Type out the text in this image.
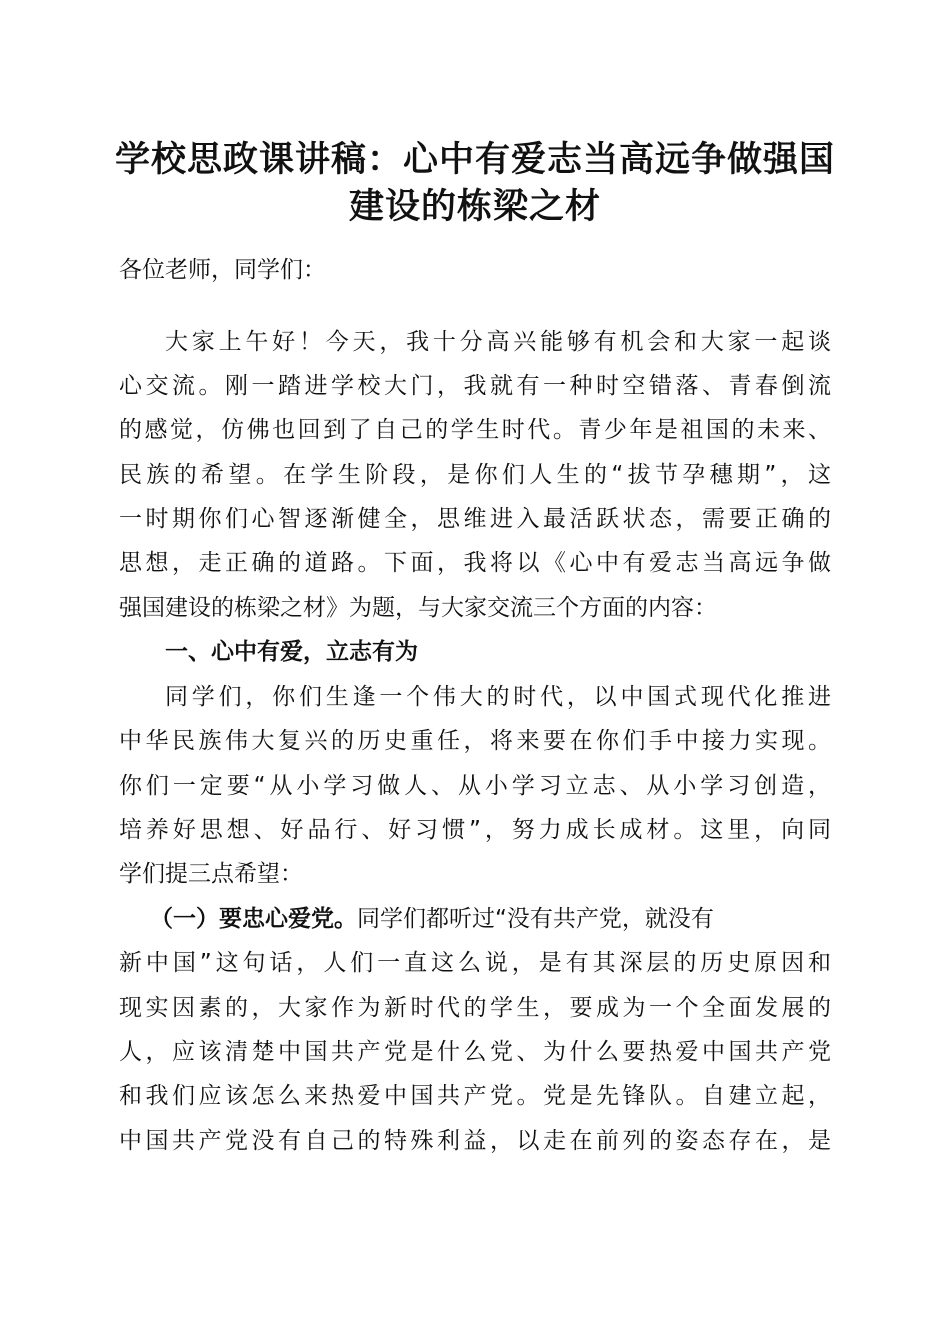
学校思政课讲稿：心中有爱志当高远争做强国
建设的栋梁之材
各位老师，同学们：
大家上午好！今天，我十分高兴能够有机会和大家一起谈
心交流。刚一踏进学校大门，我就有一种时空错落、青春倒流
的感觉，仿佛也回到了自己的学生时代。青少年是祖国的未来、
民族的希望。在学生阶段，是你们人生的“拔节孕穗期”，这
一时期你们心智逐渐健全，思维进入最活跃状态，需要正确的
思想，走正确的道路。下面，我将以《心中有爱志当高远争做
强国建设的栋梁之材》为题，与大家交流三个方面的内容：
一、心中有爱，立志有为
同学们，你们生逢一个伟大的时代，以中国式现代化推进
中华民族伟大复兴的历史重任，将来要在你们手中接力实现。
你们一定要“从小学习做人、从小学习立志、从小学习创造，
培养好思想、好品行、好习惯”，努力成长成材。这里，向同
学们提三点希望：
（一）要忠心爱党。同学们都听过“没有共产党，就没有
新中国”这句话，人们一直这么说，是有其深层的历史原因和
现实因素的，大家作为新时代的学生，要成为一个全面发展的
人，应该清楚中国共产党是什么党、为什么要热爱中国共产党
和我们应该怎么来热爱中国共产党。党是先锋队。自建立起，
中国共产党没有自己的特殊利益，以走在前列的姿态存在，是
